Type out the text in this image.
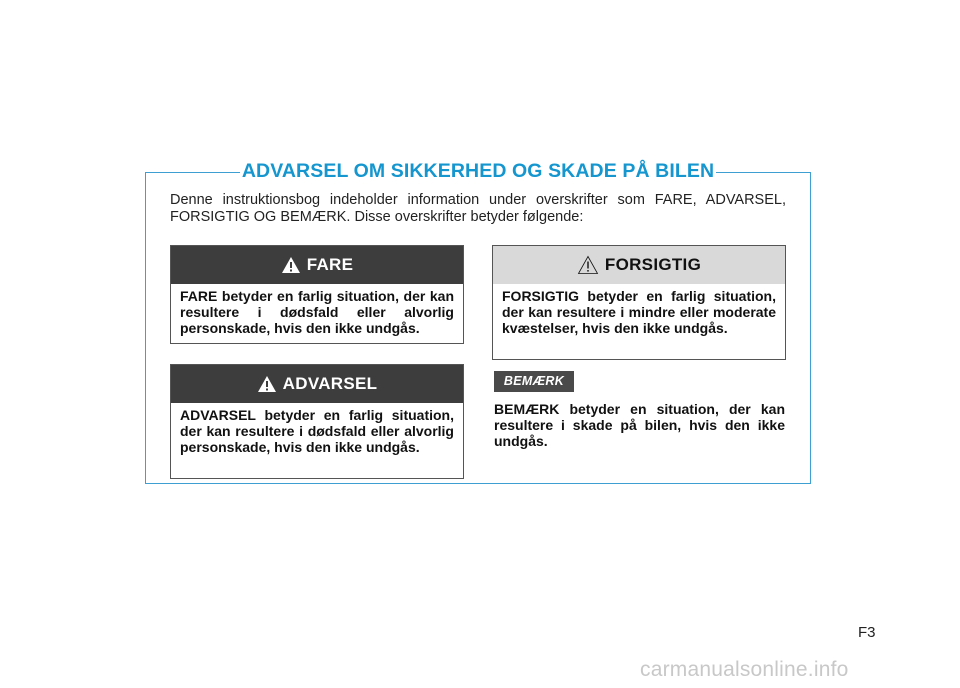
ADVARSEL OM SIKKERHED OG SKADE PÅ BILEN
Denne instruktionsbog indeholder information under overskrifter som FARE, ADVARSEL, FORSIGTIG OG BEMÆRK. Disse overskrifter betyder følgende:
FARE
FARE betyder en farlig situation, der kan resultere i dødsfald eller alvorlig personskade, hvis den ikke undgås.
ADVARSEL
ADVARSEL betyder en farlig situation, der kan resultere i dødsfald eller alvorlig personskade, hvis den ikke undgås.
FORSIGTIG
FORSIGTIG betyder en farlig situation, der kan resultere i mindre eller moderate kvæstelser, hvis den ikke undgås.
BEMÆRK
BEMÆRK betyder en situation, der kan resultere i skade på bilen, hvis den ikke undgås.
F3
carmanualsonline.info
